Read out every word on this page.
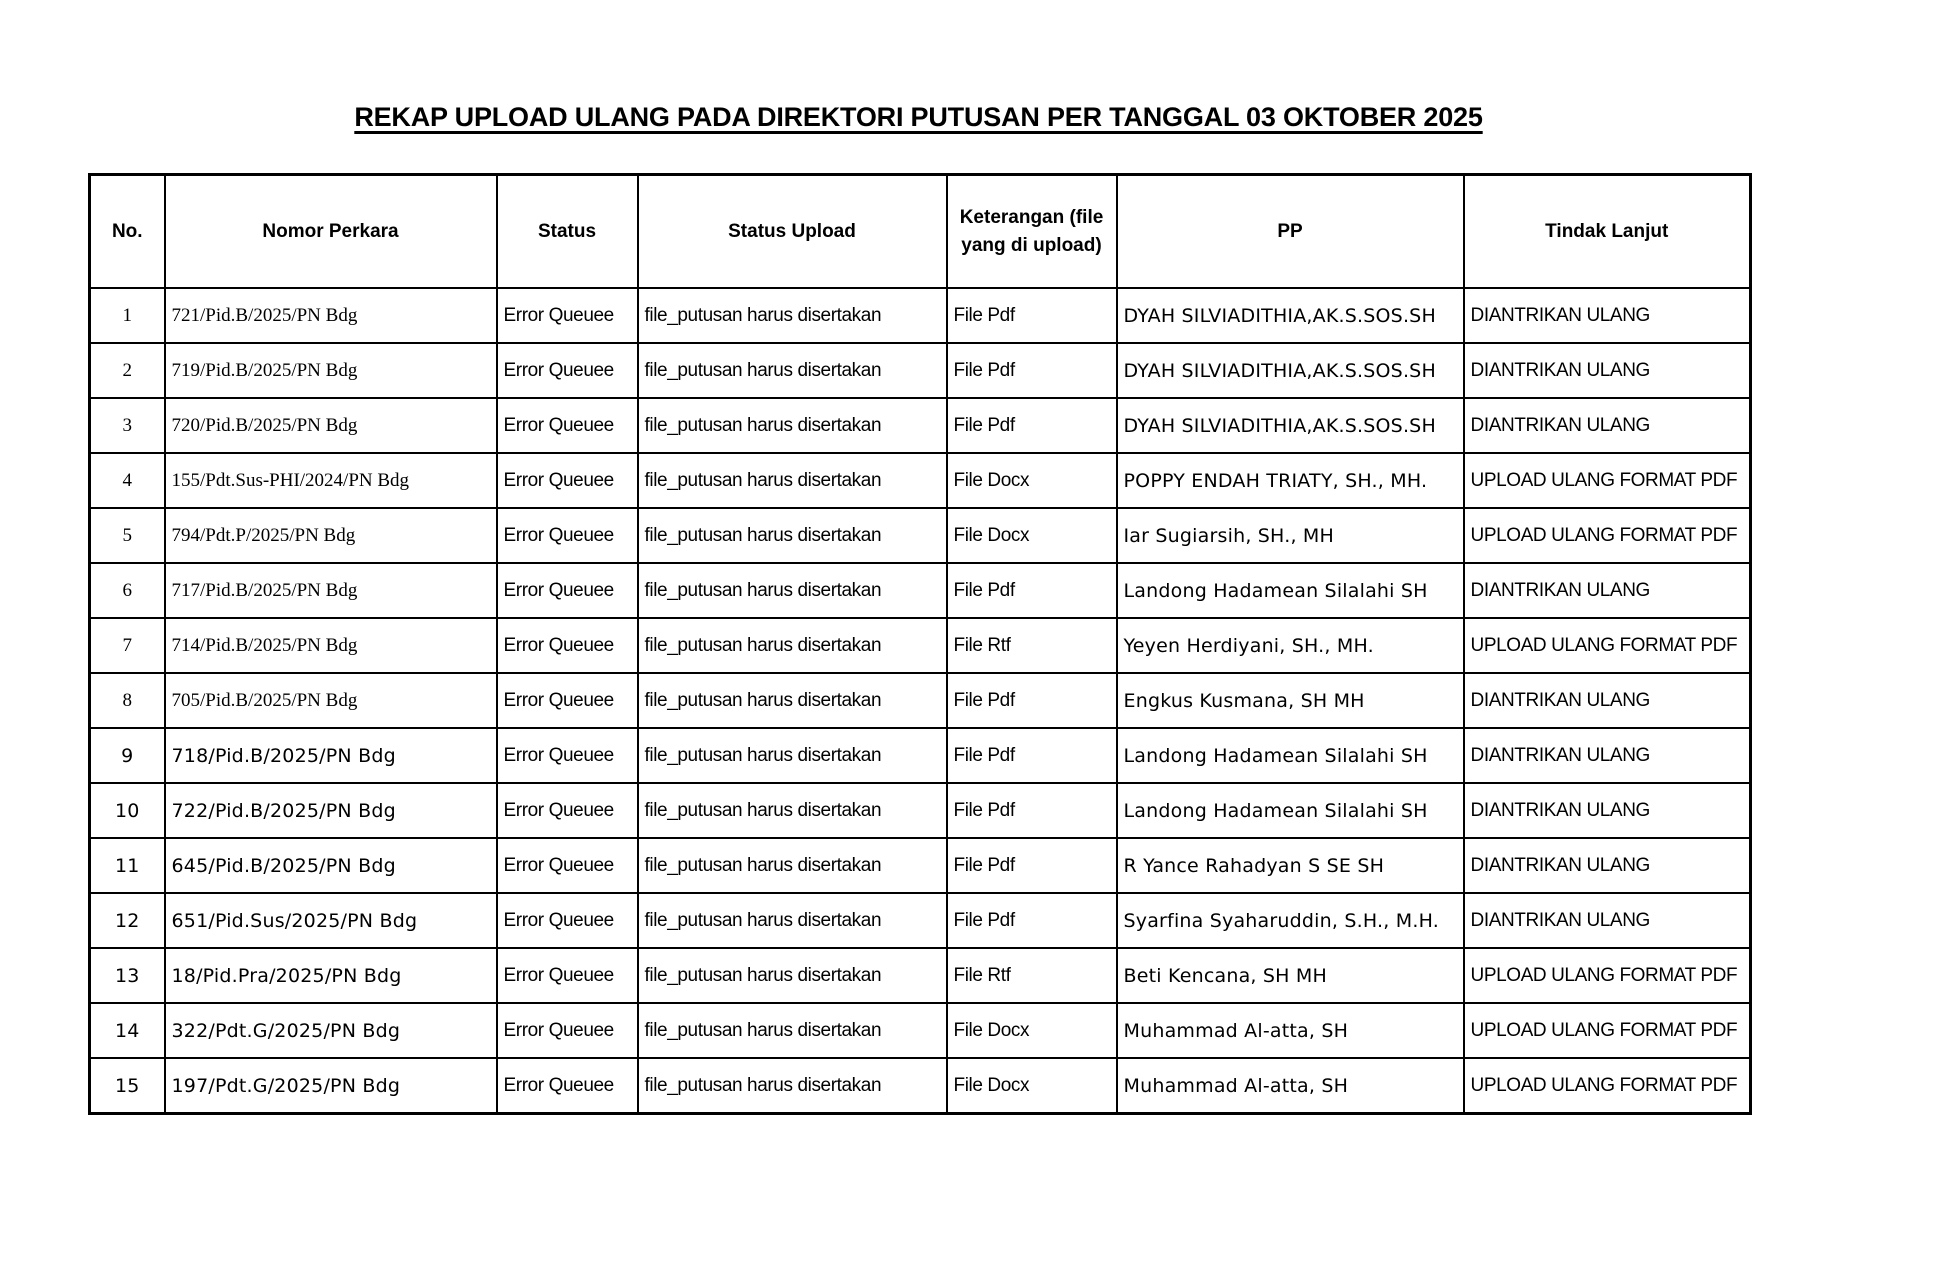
REKAP UPLOAD ULANG PADA DIREKTORI PUTUSAN PER TANGGAL 03 OKTOBER 2025
No.	Nomor Perkara	Status	Status Upload	Keterangan (file yang di upload)	PP	Tindak Lanjut
1	721/Pid.B/2025/PN Bdg	Error Queuee	file_putusan harus disertakan	File Pdf	DYAH SILVIADITHIA,AK.S.SOS.SH	DIANTRIKAN ULANG
2	719/Pid.B/2025/PN Bdg	Error Queuee	file_putusan harus disertakan	File Pdf	DYAH SILVIADITHIA,AK.S.SOS.SH	DIANTRIKAN ULANG
3	720/Pid.B/2025/PN Bdg	Error Queuee	file_putusan harus disertakan	File Pdf	DYAH SILVIADITHIA,AK.S.SOS.SH	DIANTRIKAN ULANG
4	155/Pdt.Sus-PHI/2024/PN Bdg	Error Queuee	file_putusan harus disertakan	File Docx	POPPY ENDAH TRIATY, SH., MH.	UPLOAD ULANG FORMAT PDF
5	794/Pdt.P/2025/PN Bdg	Error Queuee	file_putusan harus disertakan	File Docx	Iar Sugiarsih, SH., MH	UPLOAD ULANG FORMAT PDF
6	717/Pid.B/2025/PN Bdg	Error Queuee	file_putusan harus disertakan	File Pdf	Landong Hadamean Silalahi SH	DIANTRIKAN ULANG
7	714/Pid.B/2025/PN Bdg	Error Queuee	file_putusan harus disertakan	File Rtf	Yeyen Herdiyani, SH., MH.	UPLOAD ULANG FORMAT PDF
8	705/Pid.B/2025/PN Bdg	Error Queuee	file_putusan harus disertakan	File Pdf	Engkus Kusmana, SH MH	DIANTRIKAN ULANG
9	718/Pid.B/2025/PN Bdg	Error Queuee	file_putusan harus disertakan	File Pdf	Landong Hadamean Silalahi SH	DIANTRIKAN ULANG
10	722/Pid.B/2025/PN Bdg	Error Queuee	file_putusan harus disertakan	File Pdf	Landong Hadamean Silalahi SH	DIANTRIKAN ULANG
11	645/Pid.B/2025/PN Bdg	Error Queuee	file_putusan harus disertakan	File Pdf	R Yance Rahadyan S SE SH	DIANTRIKAN ULANG
12	651/Pid.Sus/2025/PN Bdg	Error Queuee	file_putusan harus disertakan	File Pdf	Syarfina Syaharuddin, S.H., M.H.	DIANTRIKAN ULANG
13	18/Pid.Pra/2025/PN Bdg	Error Queuee	file_putusan harus disertakan	File Rtf	Beti Kencana, SH MH	UPLOAD ULANG FORMAT PDF
14	322/Pdt.G/2025/PN Bdg	Error Queuee	file_putusan harus disertakan	File Docx	Muhammad Al-atta, SH	UPLOAD ULANG FORMAT PDF
15	197/Pdt.G/2025/PN Bdg	Error Queuee	file_putusan harus disertakan	File Docx	Muhammad Al-atta, SH	UPLOAD ULANG FORMAT PDF
